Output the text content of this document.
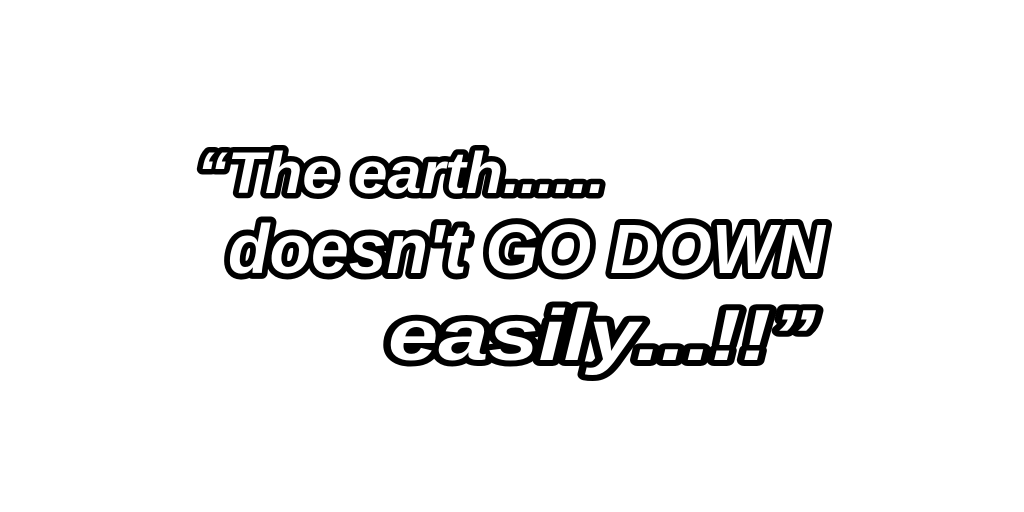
“The earth......
doesn't GO DOWN
easily...!!”
